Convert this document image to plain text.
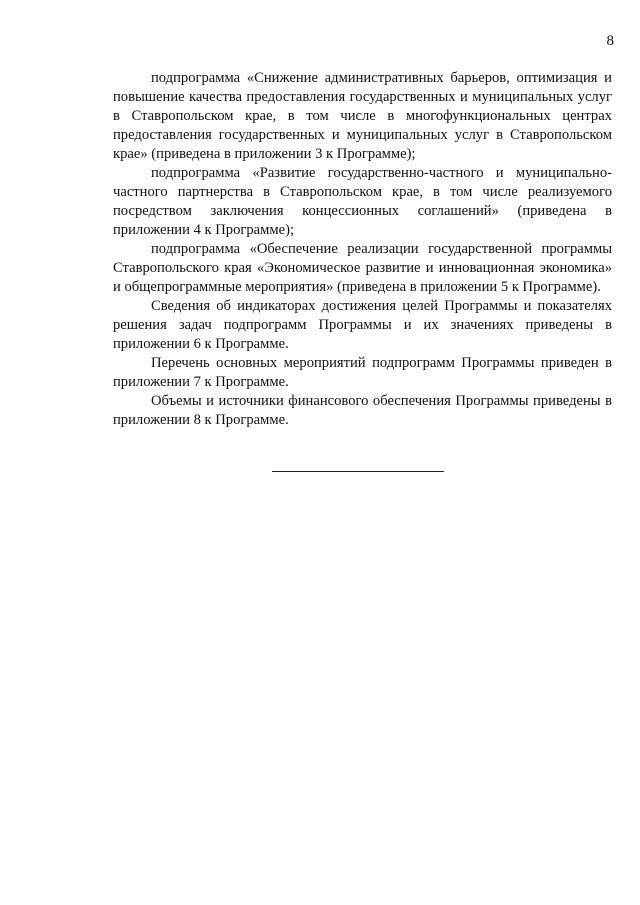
8

подпрограмма «Снижение административных барьеров, оптимизация и повышение качества предоставления государственных и муниципальных услуг в Ставропольском крае, в том числе в многофункциональных центрах предоставления государственных и муниципальных услуг в Ставропольском крае» (приведена в приложении 3 к Программе);

подпрограмма «Развитие государственно-частного и муниципально-частного партнерства в Ставропольском крае, в том числе реализуемого посредством заключения концессионных соглашений» (приведена в приложении 4 к Программе);

подпрограмма «Обеспечение реализации государственной программы Ставропольского края «Экономическое развитие и инновационная экономика» и общепрограммные мероприятия» (приведена в приложении 5 к Программе).

Сведения об индикаторах достижения целей Программы и показателях решения задач подпрограмм Программы и их значениях приведены в приложении 6 к Программе.

Перечень основных мероприятий подпрограмм Программы приведен в приложении 7 к Программе.

Объемы и источники финансового обеспечения Программы приведены в приложении 8 к Программе.
